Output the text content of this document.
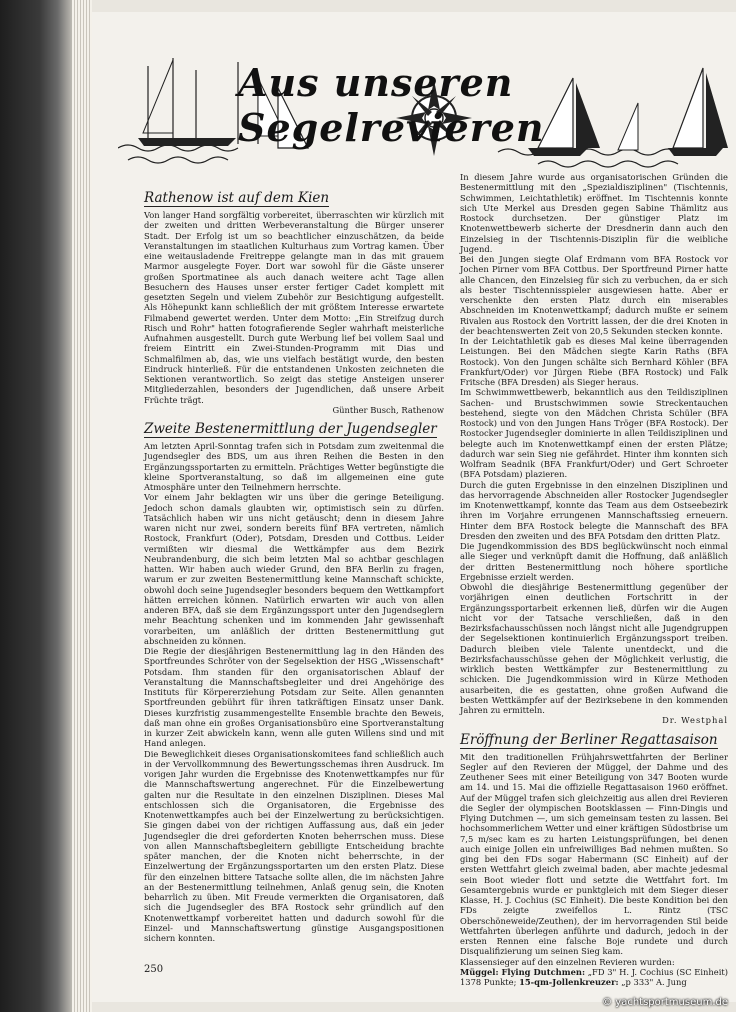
Aus unseren Segelrevieren
Rathenow ist auf dem Kien

Von langer Hand sorgfältig vorbereitet, überraschten wir kürzlich mit der zweiten und dritten Werbeveranstaltung die Bürger unserer Stadt. Der Erfolg ist um so beachtlicher einzuschätzen, da beide Veranstaltungen im staatlichen Kulturhaus zum Vortrag kamen. Über eine weitausladende Freitreppe gelangte man in das mit grauem Marmor ausgelegte Foyer. Dort war sowohl für die Gäste unserer großen Sportmatinee als auch danach weitere acht Tage allen Besuchern des Hauses unser erster fertiger Cadet komplett mit gesetzten Segeln und vielem Zubehör zur Besichtigung aufgestellt. Als Höhepunkt kann schließlich der mit größtem Interesse erwartete Filmabend gewertet werden. Unter dem Motto: „Ein Streifzug durch Risch und Rohr" hatten fotografierende Segler wahrhaft meisterliche Aufnahmen ausgestellt. Durch gute Werbung lief bei vollem Saal und freiem Eintritt ein Zwei-Stunden-Programm mit Dias und Schmalfilmen ab, das, wie uns vielfach bestätigt wurde, den besten Eindruck hinterließ. Für die entstandenen Unkosten zeichneten die Sektionen verantwortlich. So zeigt das stetige Ansteigen unserer Mitgliederzahlen, besonders der Jugendlichen, daß unsere Arbeit Früchte trägt.

Günther Busch, Rathenow

Zweite Bestenermittlung der Jugendsegler

Am letzten April-Sonntag trafen sich in Potsdam zum zweitenmal die Jugendsegler des BDS, um aus ihren Reihen die Besten in den Ergänzungssportarten zu ermitteln. Prächtiges Wetter begünstigte die kleine Sportveranstaltung, so daß im allgemeinen eine gute Atmosphäre unter den Teilnehmern herrschte.

Vor einem Jahr beklagten wir uns über die geringe Beteiligung. Jedoch schon damals glaubten wir, optimistisch sein zu dürfen. Tatsächlich haben wir uns nicht getäuscht; denn in diesem Jahre waren nicht nur zwei, sondern bereits fünf BFA vertreten, nämlich Rostock, Frankfurt (Oder), Potsdam, Dresden und Cottbus. Leider vermißten wir diesmal die Wettkämpfer aus dem Bezirk Neubrandenburg, die sich beim letzten Mal so achtbar geschlagen hatten. Wir haben auch wieder Grund, den BFA Berlin zu fragen, warum er zur zweiten Bestenermittlung keine Mannschaft schickte, obwohl doch seine Jugendsegler besonders bequem den Wettkampfort hätten erreichen können. Natürlich erwarten wir auch von allen anderen BFA, daß sie dem Ergänzungssport unter den Jugendseglern mehr Beachtung schenken und im kommenden Jahr gewissenhaft vorarbeiten, um anläßlich der dritten Bestenermittlung gut abschneiden zu können.

Die Regie der diesjährigen Bestenermittlung lag in den Händen des Sportfreundes Schröter von der Segelsektion der HSG „Wissenschaft" Potsdam. Ihm standen für den organisatorischen Ablauf der Veranstaltung die Mannschaftsbegleiter und drei Angehörige des Instituts für Körpererziehung Potsdam zur Seite. Allen genannten Sportfreunden gebührt für ihren tatkräftigen Einsatz unser Dank. Dieses kurzfristig zusammengestellte Ensemble brachte den Beweis, daß man ohne ein großes Organisationsbüro eine Sportveranstaltung in kurzer Zeit abwickeln kann, wenn alle guten Willens sind und mit Hand anlegen.

Die Beweglichkeit dieses Organisationskomitees fand schließlich auch in der Vervollkommnung des Bewertungsschemas ihren Ausdruck. Im vorigen Jahr wurden die Ergebnisse des Knotenwettkampfes nur für die Mannschaftswertung angerechnet. Für die Einzelbewertung galten nur die Resultate in den einzelnen Disziplinen. Dieses Mal entschlossen sich die Organisatoren, die Ergebnisse des Knotenwettkampfes auch bei der Einzelwertung zu berücksichtigen. Sie gingen dabei von der richtigen Auffassung aus, daß ein jeder Jugendsegler die drei geforderten Knoten beherrschen muss. Diese von allen Mannschaftsbegleitern gebilligte Entscheidung brachte später manchen, der die Knoten nicht beherrschte, in der Einzelwertung der Ergänzungssportarten um den ersten Platz. Diese für den einzelnen bittere Tatsache sollte allen, die im nächsten Jahre an der Bestenermittlung teilnehmen, Anlaß genug sein, die Knoten beharrlich zu üben. Mit Freude vermerkten die Organisatoren, daß sich die Jugendsegler des BFA Rostock sehr gründlich auf den Knotenwettkampf vorbereitet hatten und dadurch sowohl für die Einzel- und Mannschaftswertung günstige Ausgangspositionen sichern konnten.

In diesem Jahre wurde aus organisatorischen Gründen die Bestenermittlung mit den „Spezialdisziplinen" (Tischtennis, Schwimmen, Leichtathletik) eröffnet. Im Tischtennis konnte sich Ute Merkel aus Dresden gegen Sabine Thämlitz aus Rostock durchsetzen. Der günstiger Platz im Knotenwettbewerb sicherte der Dresdnerin dann auch den Einzelsieg in der Tischtennis-Disziplin für die weibliche Jugend.

Bei den Jungen siegte Olaf Erdmann vom BFA Rostock vor Jochen Pirner vom BFA Cottbus. Der Sportfreund Pirner hatte alle Chancen, den Einzelsieg für sich zu verbuchen, da er sich als bester Tischtennisspieler ausgewiesen hatte. Aber er verschenkte den ersten Platz durch ein miserables Abschneiden im Knotenwettkampf; dadurch mußte er seinem Rivalen aus Rostock den Vortritt lassen, der die drei Knoten in der beachtenswerten Zeit von 20,5 Sekunden stecken konnte.

In der Leichtathletik gab es dieses Mal keine überragenden Leistungen. Bei den Mädchen siegte Karin Raths (BFA Rostock). Von den Jungen schälte sich Bernhard Köhler (BFA Frankfurt/Oder) vor Jürgen Riebe (BFA Rostock) und Falk Fritsche (BFA Dresden) als Sieger heraus.

Im Schwimmwettbewerb, bekanntlich aus den Teildisziplinen Sachen- und Brustschwimmen sowie Streckentauchen bestehend, siegte von den Mädchen Christa Schüler (BFA Rostock) und von den Jungen Hans Tröger (BFA Rostock). Der Rostocker Jugendsegler dominierte in allen Teildisziplinen und belegte auch im Knotenwettkampf einen der ersten Plätze; dadurch war sein Sieg nie gefährdet. Hinter ihm konnten sich Wolfram Seadnik (BFA Frankfurt/Oder) und Gert Schroeter (BFA Potsdam) plazieren.

Durch die guten Ergebnisse in den einzelnen Disziplinen und das hervorragende Abschneiden aller Rostocker Jugendsegler im Knotenwettkampf, konnte das Team aus dem Ostseebezirk ihren im Vorjahre errungenen Mannschaftssieg erneuern. Hinter dem BFA Rostock belegte die Mannschaft des BFA Dresden den zweiten und des BFA Potsdam den dritten Platz.

Die Jugendkommission des BDS beglückwünscht noch einmal alle Sieger und verknüpft damit die Hoffnung, daß anläßlich der dritten Bestenermittlung noch höhere sportliche Ergebnisse erzielt werden.

Obwohl die diesjährige Bestenermittlung gegenüber der vorjährigen einen deutlichen Fortschritt in der Ergänzungssportarbeit erkennen ließ, dürfen wir die Augen nicht vor der Tatsache verschließen, daß in den Bezirksfachausschüssen noch längst nicht alle Jugendgruppen der Segelsektionen kontinuierlich Ergänzungssport treiben. Dadurch bleiben viele Talente unentdeckt, und die Bezirksfachausschüsse gehen der Möglichkeit verlustig, die wirklich besten Wettkämpfer zur Bestenermittlung zu schicken. Die Jugendkommission wird in Kürze Methoden ausarbeiten, die es gestatten, ohne großen Aufwand die besten Wettkämpfer auf der Bezirksebene in den kommenden Jahren zu ermitteln.

Dr. Westphal

Eröffnung der Berliner Regattasaison

Mit den traditionellen Frühjahrswettfahrten der Berliner Segler auf den Revieren der Müggel, der Dahme und des Zeuthener Sees mit einer Beteiligung von 347 Booten wurde am 14. und 15. Mai die offizielle Regattasaison 1960 eröffnet. Auf der Müggel trafen sich gleichzeitig aus allen drei Revieren die Segler der olympischen Bootsklassen — Finn-Dingis und Flying Dutchmen —, um sich gemeinsam testen zu lassen. Bei hochsommerlichem Wetter und einer kräftigen Südostbrise um 7,5 m/sec kam es zu harten Leistungsprüfungen, bei denen auch einige Jollen ein unfreiwilliges Bad nehmen mußten. So ging bei den FDs sogar Habermann (SC Einheit) auf der ersten Wettfahrt gleich zweimal baden, aber machte jedesmal sein Boot wieder flott und setzte die Wettfahrt fort. Im Gesamtergebnis wurde er punktgleich mit dem Sieger dieser Klasse, H. J. Cochius (SC Einheit). Die beste Kondition bei den FDs zeigte zweifellos L. Rintz (TSC Oberschöneweide/Zeuthen), der im hervorragenden Stil beide Wettfahrten überlegen anführte und dadurch, jedoch in der ersten Rennen eine falsche Boje rundete und durch Disqualifizierung um seinen Sieg kam.

Klassensieger auf den einzelnen Revieren wurden:

Müggel: Flying Dutchmen: „FD 3" H. J. Cochius (SC Einheit) 1378 Punkte; 15-qm-Jollenkreuzer: „p 333" A. Jung

250
© yachtsportmuseum.de
